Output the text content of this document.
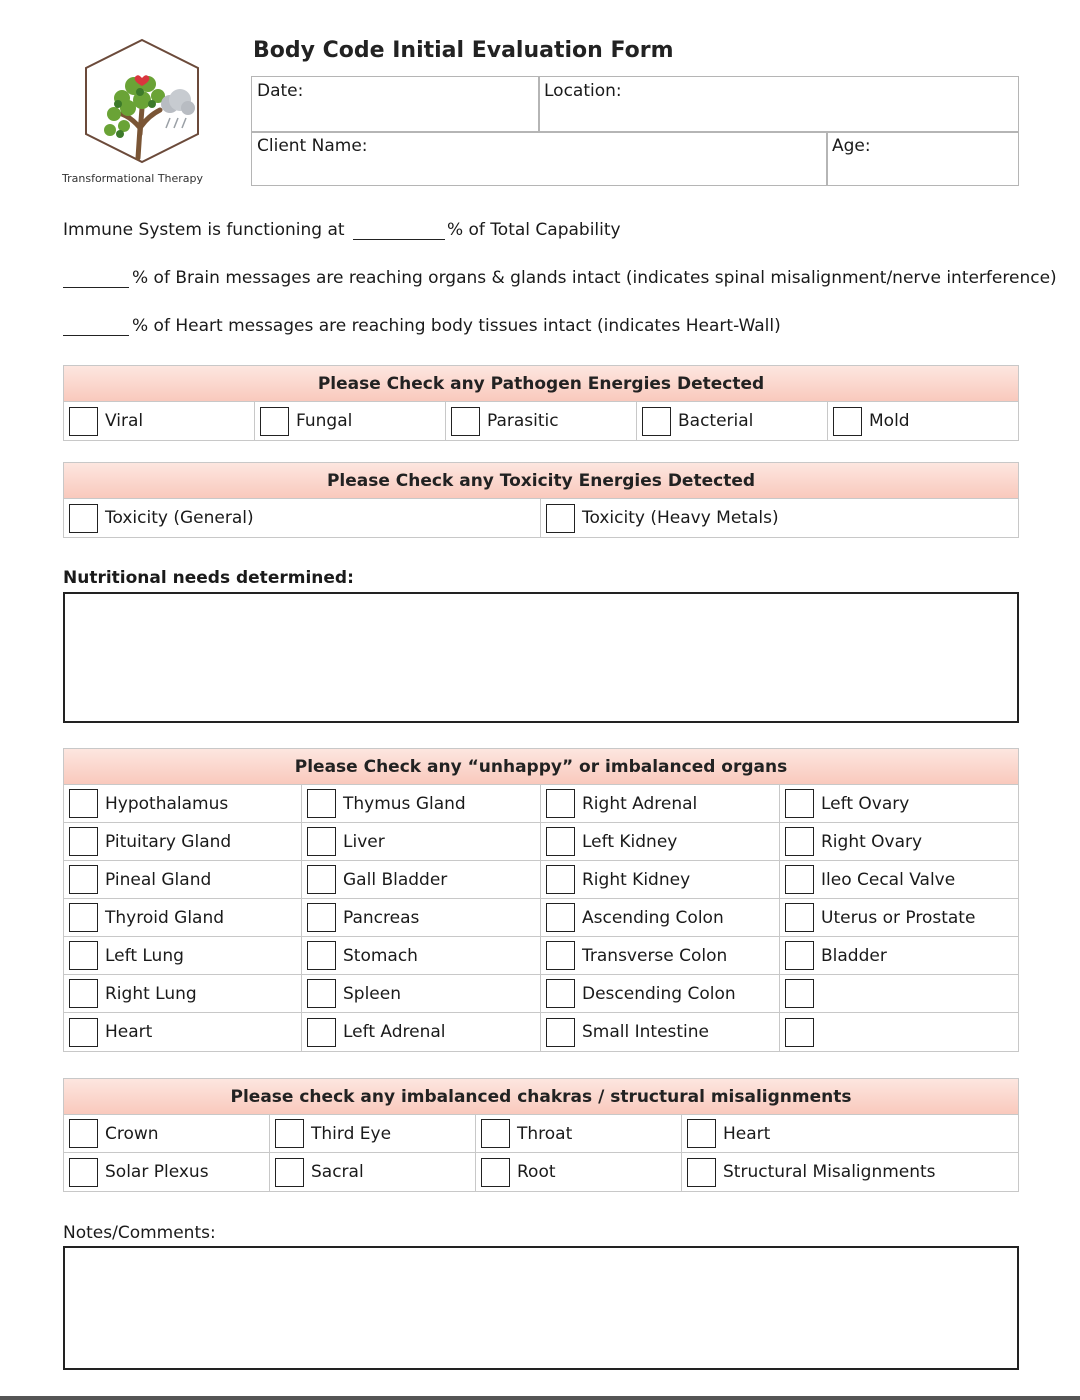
Transformational Therapy
Body Code Initial Evaluation Form
Date:	Location:
Client Name:	Age:
Immune System is functioning at	% of Total Capability
% of Brain messages are reaching organs & glands intact (indicates spinal misalignment/nerve interference)
% of Heart messages are reaching body tissues intact (indicates Heart-Wall)
Please Check any Pathogen Energies Detected
Viral	Fungal	Parasitic	Bacterial	Mold
Please Check any Toxicity Energies Detected
Toxicity (General)	Toxicity (Heavy Metals)
Nutritional needs determined:
Please Check any “unhappy” or imbalanced organs
Hypothalamus	Thymus Gland	Right Adrenal	Left Ovary
Pituitary Gland	Liver	Left Kidney	Right Ovary
Pineal Gland	Gall Bladder	Right Kidney	Ileo Cecal Valve
Thyroid Gland	Pancreas	Ascending Colon	Uterus or Prostate
Left Lung	Stomach	Transverse Colon	Bladder
Right Lung	Spleen	Descending Colon
Heart	Left Adrenal	Small Intestine
Please check any imbalanced chakras / structural misalignments
Crown	Third Eye	Throat	Heart
Solar Plexus	Sacral	Root	Structural Misalignments
Notes/Comments:
